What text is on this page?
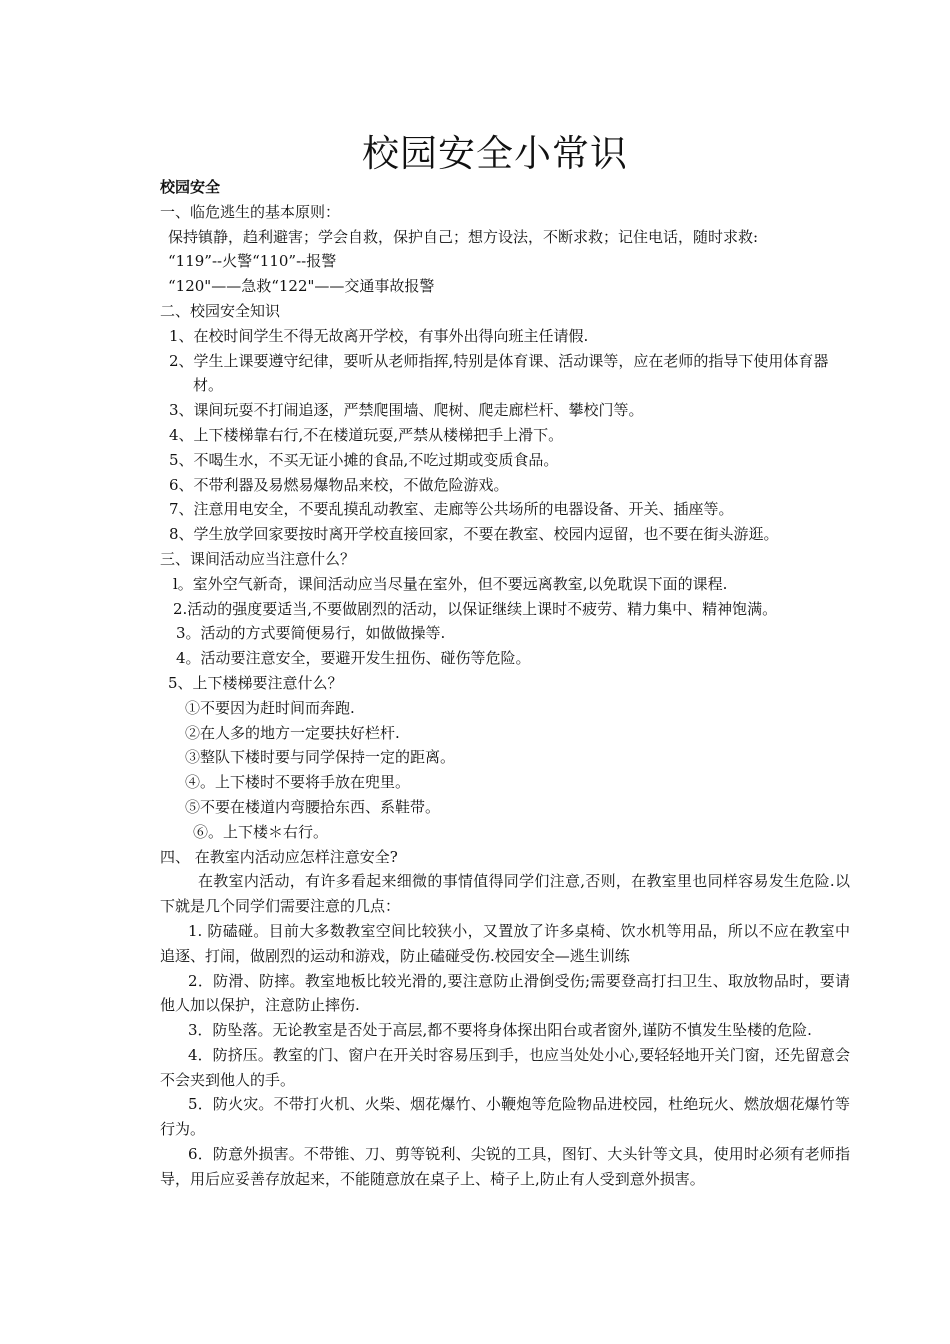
校园安全小常识
校园安全
一、临危逃生的基本原则：
保持镇静，趋利避害；学会自救，保护自己；想方设法，不断求救；记住电话，随时求救:
“119”--火警“110”--报警
“120"——急救“122"——交通事故报警
二、校园安全知识
1、在校时间学生不得无故离开学校，有事外出得向班主任请假.
2、学生上课要遵守纪律，要听从老师指挥,特别是体育课、活动课等，应在老师的指导下使用体育器材。
3、课间玩耍不打闹追逐，严禁爬围墙、爬树、爬走廊栏杆、攀校门等。
4、上下楼梯靠右行,不在楼道玩耍,严禁从楼梯把手上滑下。
5、不喝生水，不买无证小摊的食品,不吃过期或变质食品。
6、不带利器及易燃易爆物品来校，不做危险游戏。
7、注意用电安全，不要乱摸乱动教室、走廊等公共场所的电器设备、开关、插座等。
8、学生放学回家要按时离开学校直接回家，不要在教室、校园内逗留，也不要在街头游逛。
三、课间活动应当注意什么？
l。室外空气新奇，课间活动应当尽量在室外，但不要远离教室,以免耽误下面的课程.
2.活动的强度要适当,不要做剧烈的活动，以保证继续上课时不疲劳、精力集中、精神饱满。
3。活动的方式要简便易行，如做做操等.
4。活动要注意安全，要避开发生扭伤、碰伤等危险。
5、上下楼梯要注意什么？
①不要因为赶时间而奔跑.
②在人多的地方一定要扶好栏杆.
③整队下楼时要与同学保持一定的距离。
④。上下楼时不要将手放在兜里。
⑤不要在楼道内弯腰拾东西、系鞋带。
⑥。上下楼＊右行。
四、 在教室内活动应怎样注意安全?
在教室内活动，有许多看起来细微的事情值得同学们注意,否则，在教室里也同样容易发生危险.以下就是几个同学们需要注意的几点：
1. 防磕碰。目前大多数教室空间比较狭小，又置放了许多桌椅、饮水机等用品，所以不应在教室中追逐、打闹，做剧烈的运动和游戏，防止磕碰受伤.校园安全—逃生训练
2．防滑、防摔。教室地板比较光滑的,要注意防止滑倒受伤;需要登高打扫卫生、取放物品时，要请他人加以保护，注意防止摔伤.
3．防坠落。无论教室是否处于高层,都不要将身体探出阳台或者窗外,谨防不慎发生坠楼的危险.
4．防挤压。教室的门、窗户在开关时容易压到手，也应当处处小心,要轻轻地开关门窗，还先留意会不会夹到他人的手。
5．防火灾。不带打火机、火柴、烟花爆竹、小鞭炮等危险物品进校园，杜绝玩火、燃放烟花爆竹等行为。
6．防意外损害。不带锥、刀、剪等锐利、尖锐的工具，图钉、大头针等文具，使用时必须有老师指导，用后应妥善存放起来，不能随意放在桌子上、椅子上,防止有人受到意外损害。
